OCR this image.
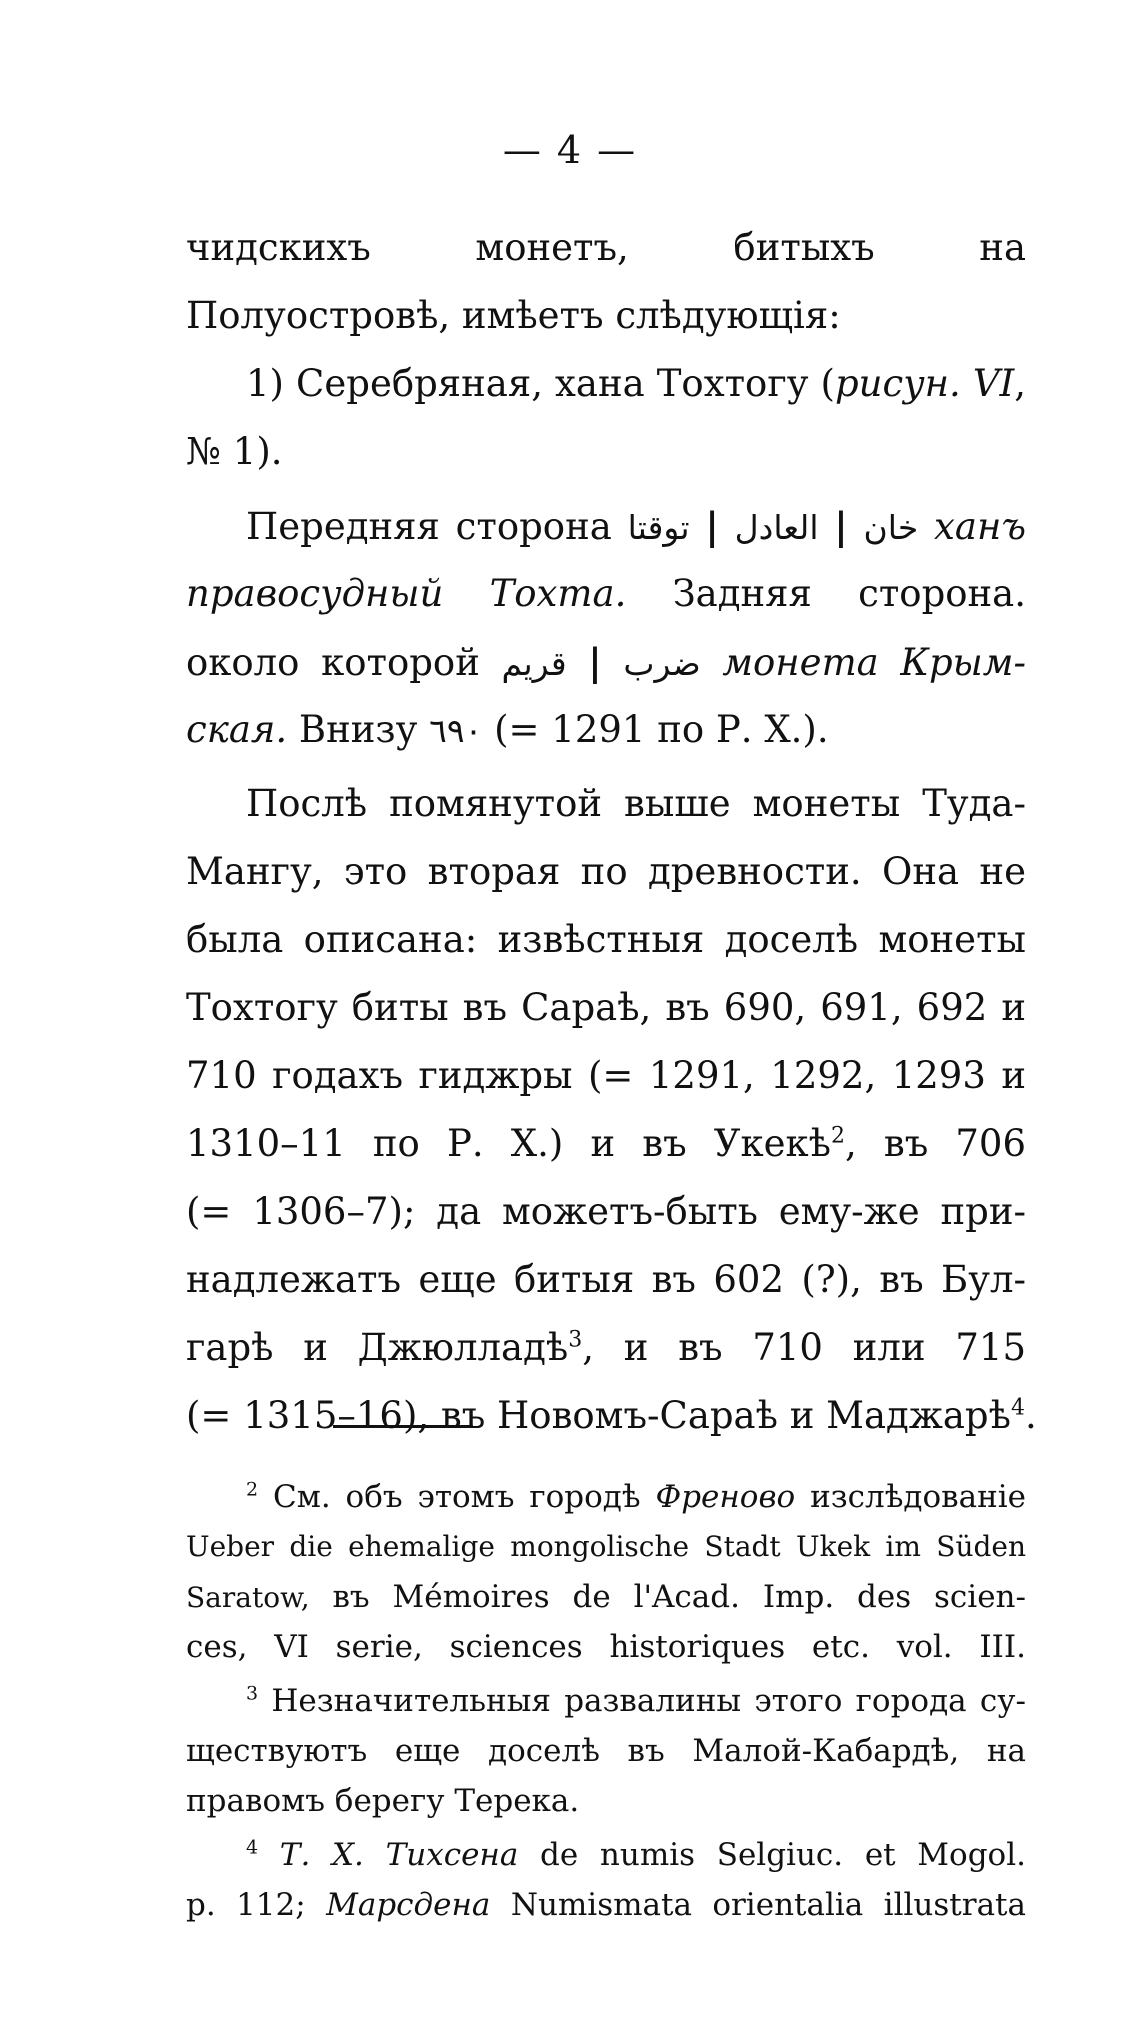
— 4 —
чидскихъ монетъ, битыхъ на
Полуостровѣ, имѣетъ слѣдующія:
1) Серебряная, хана Тохтогу (рисун. VI,
№ 1).
Передняя сторона توقتا | العادل | خان ханъ
правосудный Тохта. Задняя сторона.
около которой قريم | ضرب монета Крым-
ская. Внизу ٦٩٠ (= 1291 по Р. Х.).
Послѣ помянутой выше монеты Туда-
Мангу, это вторая по древности. Она не
была описана: извѣстныя доселѣ монеты
Тохтогу биты въ Сараѣ, въ 690, 691, 692 и
710 годахъ гиджры (= 1291, 1292, 1293 и
1310–11 по Р. Х.) и въ Укекѣ$^2$, въ 706
(= 1306–7); да можетъ-быть ему-же при-
надлежатъ еще битыя въ 602 (?), въ Бул-
гарѣ и Джюлладѣ$^3$, и въ 710 или 715
(= 1315–16), въ Новомъ-Сараѣ и Маджарѣ$^4$.
$^2$ См. объ этомъ городѣ Френово изслѣдованіе
Ueber die ehemalige mongolische Stadt Ukek im Süden
Saratow, въ Mémoires de l'Acad. Imp. des scien-
ces, VI serie, sciences historiques etc. vol. III.
$^3$ Незначительныя развалины этого города су-
ществуютъ еще доселѣ въ Малой-Кабардѣ, на
правомъ берегу Терека.
$^4$ Т. Х. Тихсена de numis Selgiuc. et Mogol.
p. 112; Марсдена Numismata orientalia illustrata
